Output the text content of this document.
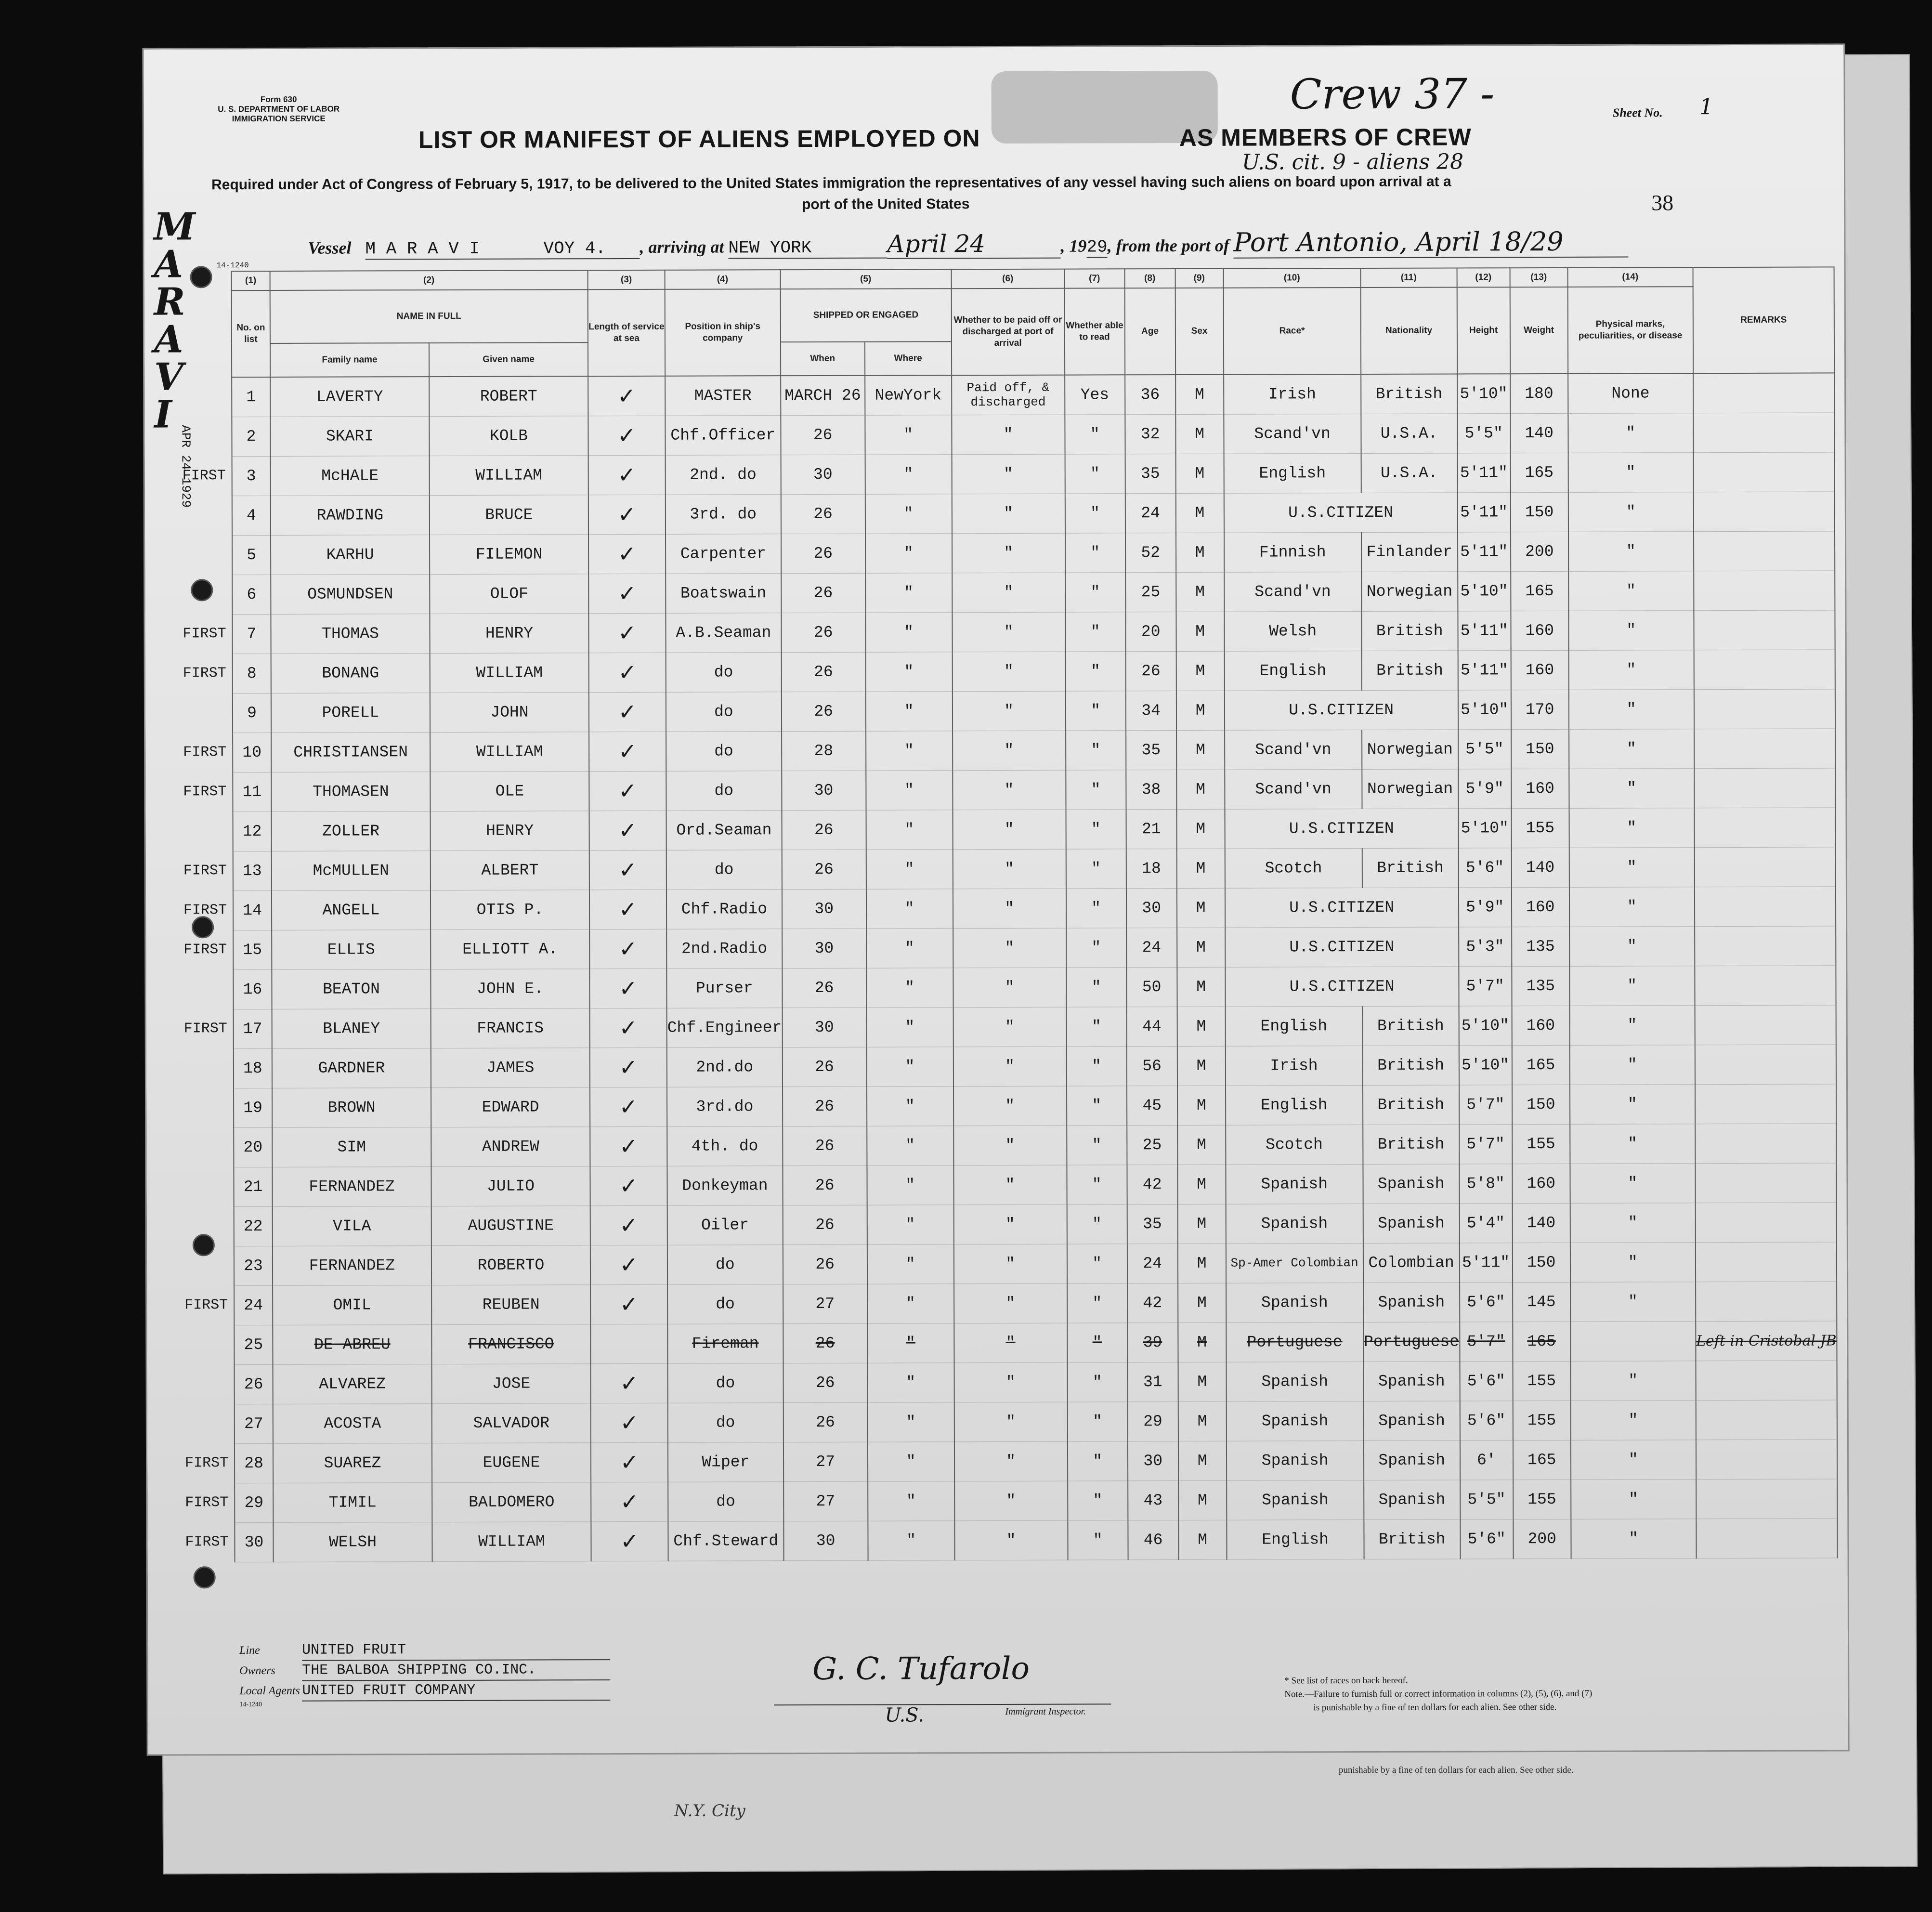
MARAVI
APR 24 1929
Form 630
U. S. DEPARTMENT OF LABOR
IMMIGRATION SERVICE
LIST OR MANIFEST OF ALIENS EMPLOYED ON	AS MEMBERS OF CREW
Crew 37 -
U.S. cit. 9 - aliens 28
Sheet No. 1
Required under Act of Congress of February 5, 1917, to be delivered to the United States immigration the representatives of any vessel having such aliens on board upon arrival at a
port of the United States	38
Vessel M A R A V I	VOY 4. , arriving at NEW YORK	April 24	, 1929, from the port of Port Antonio, April 18/29
14-1240
(1)	(2)		(3)	(4)	(5)		(6)	(7)	(8)	(9)	(10)	(11)	(12)	(13)	(14)	REMARKS
No. on list	NAME IN FULL		Length of service at sea	Position in ship's company	SHIPPED OR ENGAGED		Whether to be paid off or discharged at port of arrival	Whether able to read	Age	Sex	Race*	Nationality	Height	Weight	Physical marks, peculiarities, or disease	
	Family name	Given name			When	Where										

1	LAVERTY	ROBERT	✓	MASTER	MARCH 26	NewYork	Paid off, & discharged	Yes	36	M	Irish	British	5'10"	180	None	

2	SKARI	KOLB	✓	Chf.Officer	26	"	"	"	32	M	Scand'vn	U.S.A.	5'5"	140	"	

FIRST 3	McHALE	WILLIAM	✓	2nd. do	30	"	"	"	35	M	English	U.S.A.	5'11"	165	"	

4	RAWDING	BRUCE	✓	3rd. do	26	"	"	"	24	M	U.S.CITIZEN		5'11"	150	"	

5	KARHU	FILEMON	✓	Carpenter	26	"	"	"	52	M	Finnish	Finlander	5'11"	200	"	

6	OSMUNDSEN	OLOF	✓	Boatswain	26	"	"	"	25	M	Scand'vn	Norwegian	5'10"	165	"	

FIRST 7	THOMAS	HENRY	✓	A.B.Seaman	26	"	"	"	20	M	Welsh	British	5'11"	160	"	

FIRST 8	BONANG	WILLIAM	✓	do	26	"	"	"	26	M	English	British	5'11"	160	"	

9	PORELL	JOHN	✓	do	26	"	"	"	34	M	U.S.CITIZEN		5'10"	170	"	

FIRST 10	CHRISTIANSEN	WILLIAM	✓	do	28	"	"	"	35	M	Scand'vn	Norwegian	5'5"	150	"	

FIRST 11	THOMASEN	OLE	✓	do	30	"	"	"	38	M	Scand'vn	Norwegian	5'9"	160	"	

12	ZOLLER	HENRY	✓	Ord.Seaman	26	"	"	"	21	M	U.S.CITIZEN		5'10"	155	"	

FIRST 13	McMULLEN	ALBERT	✓	do	26	"	"	"	18	M	Scotch	British	5'6"	140	"	

FIRST 14	ANGELL	OTIS P.	✓	Chf.Radio	30	"	"	"	30	M	U.S.CITIZEN		5'9"	160	"	

FIRST 15	ELLIS	ELLIOTT A.	✓	2nd.Radio	30	"	"	"	24	M	U.S.CITIZEN		5'3"	135	"	

16	BEATON	JOHN E.	✓	Purser	26	"	"	"	50	M	U.S.CITIZEN		5'7"	135	"	

FIRST 17	BLANEY	FRANCIS	✓	Chf.Engineer	30	"	"	"	44	M	English	British	5'10"	160	"	

18	GARDNER	JAMES	✓	2nd.do	26	"	"	"	56	M	Irish	British	5'10"	165	"	

19	BROWN	EDWARD	✓	3rd.do	26	"	"	"	45	M	English	British	5'7"	150	"	

20	SIM	ANDREW	✓	4th. do	26	"	"	"	25	M	Scotch	British	5'7"	155	"	

21	FERNANDEZ	JULIO	✓	Donkeyman	26	"	"	"	42	M	Spanish	Spanish	5'8"	160	"	

22	VILA	AUGUSTINE	✓	Oiler	26	"	"	"	35	M	Spanish	Spanish	5'4"	140	"	

23	FERNANDEZ	ROBERTO	✓	do	26	"	"	"	24	M	Sp-Amer Colombian	Colombian	5'11"	150	"	

FIRST 24	OMIL	REUBEN	✓	do	27	"	"	"	42	M	Spanish	Spanish	5'6"	145	"	

25	DE ABREU	FRANCISCO		Fireman	26	"	"	"	39	M	Portuguese	Portuguese	5'7"	165		Left in Cristobal JB

26	ALVAREZ	JOSE	✓	do	26	"	"	"	31	M	Spanish	Spanish	5'6"	155	"	

27	ACOSTA	SALVADOR	✓	do	26	"	"	"	29	M	Spanish	Spanish	5'6"	155	"	

FIRST 28	SUAREZ	EUGENE	✓	Wiper	27	"	"	"	30	M	Spanish	Spanish	6'	165	"	

FIRST 29	TIMIL	BALDOMERO	✓	do	27	"	"	"	43	M	Spanish	Spanish	5'5"	155	"	

FIRST 30	WELSH	WILLIAM	✓	Chf.Steward	30	"	"	"	46	M	English	British	5'6"	200	"	
Line	UNITED FRUIT
Owners THE BALBOA SHIPPING CO.INC.
Local Agents UNITED FRUIT COMPANY
14-1240
G. C. Tufarolo
U.S.	Immigrant Inspector.
* See list of races on back hereof.
Note.—Failure to furnish full or correct information in columns (2), (5), (6), and (7)
is punishable by a fine of ten dollars for each alien. See other side.
punishable by a fine of ten dollars for each alien. See other side.
N.Y. City
